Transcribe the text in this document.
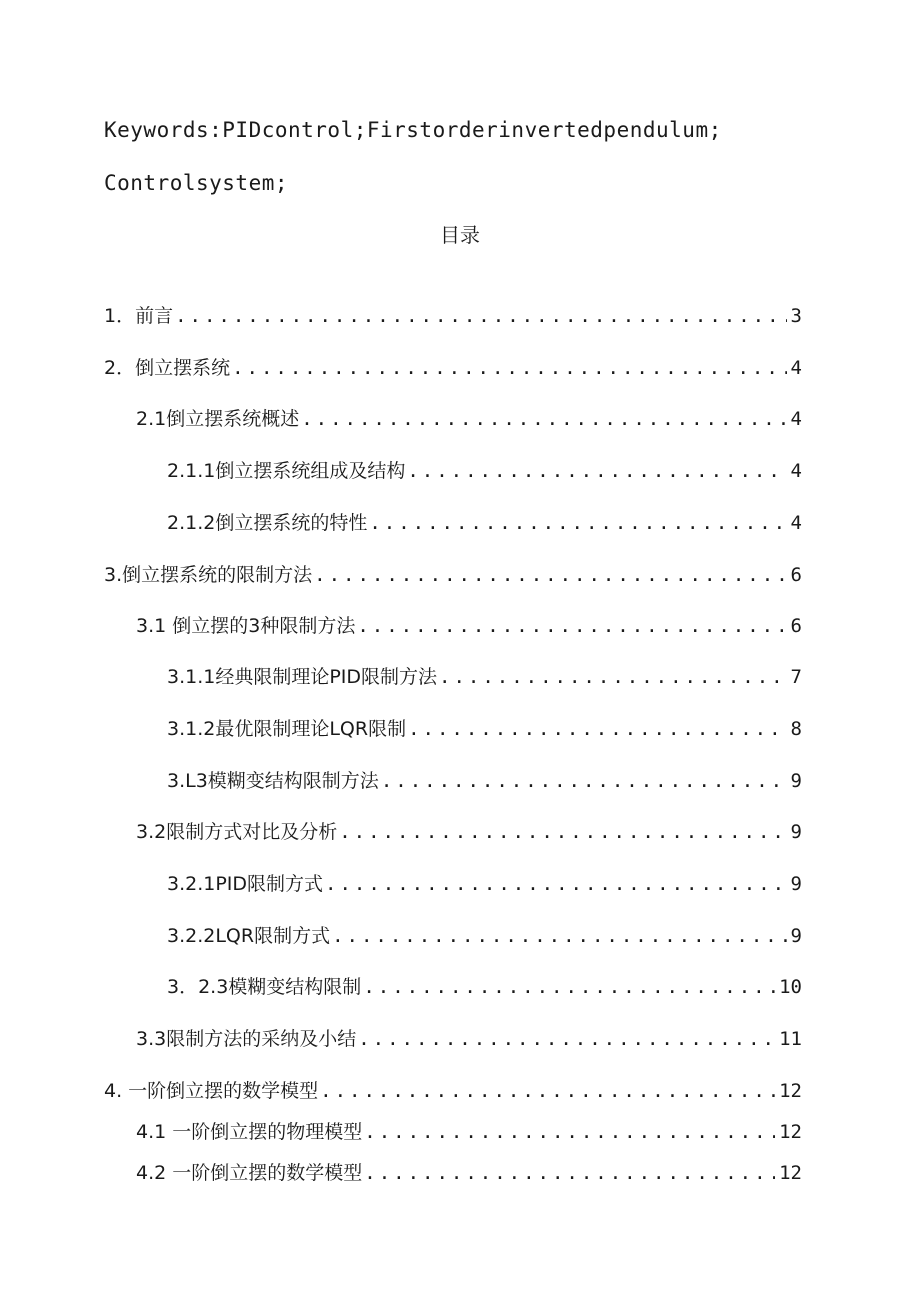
Keywords:PIDcontrol;Firstorderinvertedpendulum;
Controlsystem;
目录
1．前言 .....	3
2．倒立摆系统 .....	4
2.1倒立摆系统概述 .....	4
2.1.1倒立摆系统组成及结构 .....	4
2.1.2倒立摆系统的特性 .....	4
3.倒立摆系统的限制方法 .....	6
3.1 倒立摆的3种限制方法 .....	6
3.1.1经典限制理论PID限制方法 .....	7
3.1.2最优限制理论LQR限制 .....	8
3.L3模糊变结构限制方法 .....	9
3.2限制方式对比及分析 .....	9
3.2.1PID限制方式 .....	9
3.2.2LQR限制方式 .....	9
3．2.3模糊变结构限制 .....	10
3.3限制方法的采纳及小结 .....	11
4. 一阶倒立摆的数学模型 .....	12
4.1 一阶倒立摆的物理模型 .....	12
4.2 一阶倒立摆的数学模型 .....	12
